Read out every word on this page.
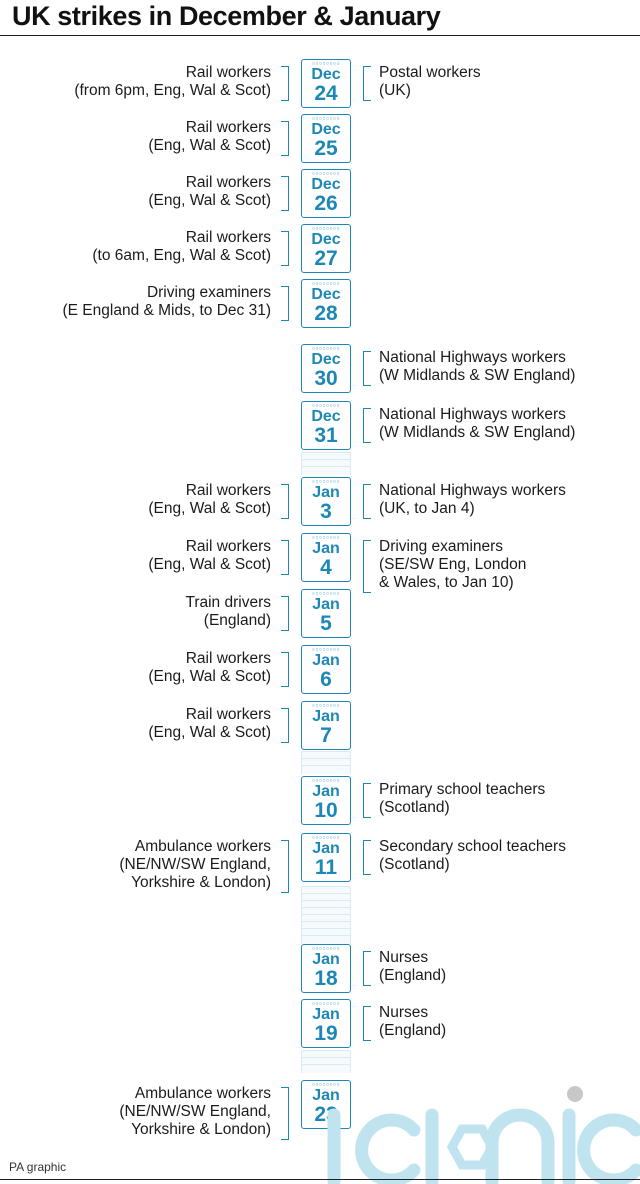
UK strikes in December & January
○○○○○○○○
Dec
24
Rail workers
(from 6pm, Eng, Wal & Scot)
Postal workers
(UK)
○○○○○○○○
Dec
25
Rail workers
(Eng, Wal & Scot)
○○○○○○○○
Dec
26
Rail workers
(Eng, Wal & Scot)
○○○○○○○○
Dec
27
Rail workers
(to 6am, Eng, Wal & Scot)
○○○○○○○○
Dec
28
Driving examiners
(E England & Mids, to Dec 31)
○○○○○○○○
Dec
30
National Highways workers
(W Midlands & SW England)
○○○○○○○○
Dec
31
National Highways workers
(W Midlands & SW England)
○○○○○○○○
Jan
3
Rail workers
(Eng, Wal & Scot)
National Highways workers
(UK, to Jan 4)
○○○○○○○○
Jan
4
Rail workers
(Eng, Wal & Scot)
Driving examiners
(SE/SW Eng, London
& Wales, to Jan 10)
○○○○○○○○
Jan
5
Train drivers
(England)
○○○○○○○○
Jan
6
Rail workers
(Eng, Wal & Scot)
○○○○○○○○
Jan
7
Rail workers
(Eng, Wal & Scot)
○○○○○○○○
Jan
10
Primary school teachers
(Scotland)
○○○○○○○○
Jan
11
Ambulance workers
(NE/NW/SW England,
Yorkshire & London)
Secondary school teachers
(Scotland)
○○○○○○○○
Jan
18
Nurses
(England)
○○○○○○○○
Jan
19
Nurses
(England)
○○○○○○○○
Jan
23
Ambulance workers
(NE/NW/SW England,
Yorkshire & London)
PA graphic
